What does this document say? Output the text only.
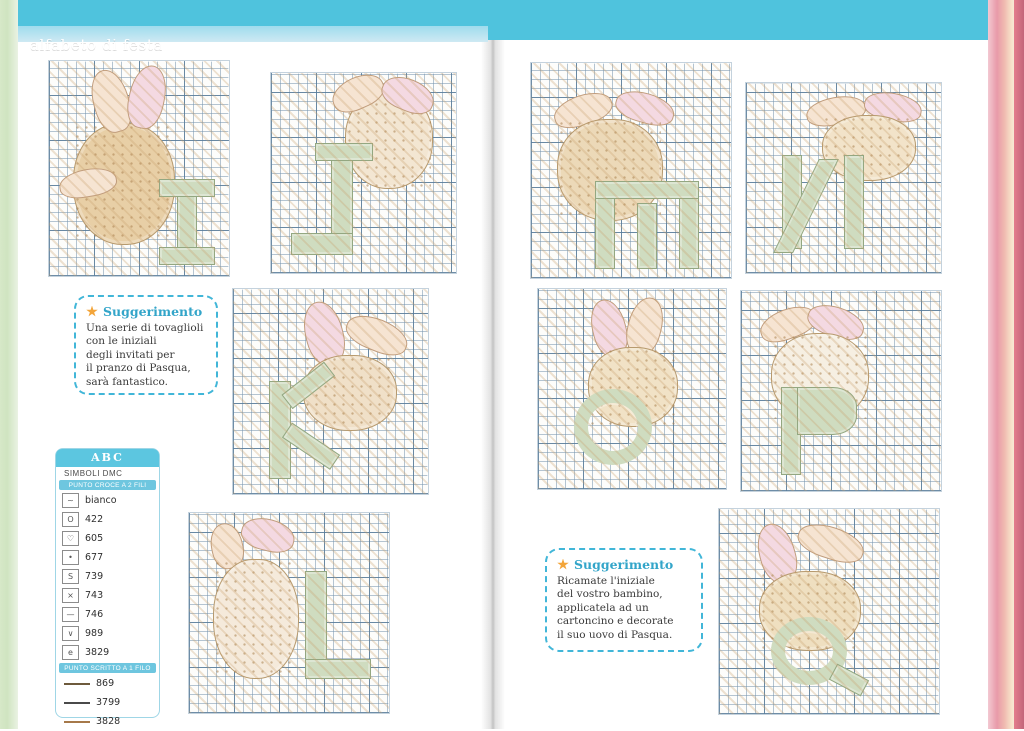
alfabeto di festa
Suggerimento
Una serie di tovaglioli
con le iniziali
degli invitati per
il pranzo di Pasqua,
sarà fantastico.
Suggerimento
Ricamate l'iniziale
del vostro bambino,
applicatela ad un
cartoncino e decorate
il suo uovo di Pasqua.
ABC
SIMBOLI DMC
PUNTO CROCE A 2 FILI
~	bianco
O	422
♡	605
•	677
S	739
×	743
—	746
∨	989
e	3829
PUNTO SCRITTO A 1 FILO
869
3799
3828
